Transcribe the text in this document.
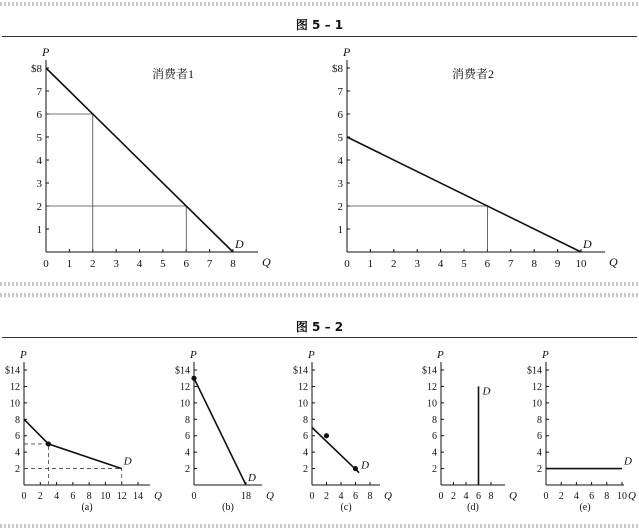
图 5 – 1
图 5 – 2
P
Q
0 1 2 3 4 5 6 7 8
1
2
3
4
5
6
7
$8
D
消费者1
P
Q
0 1 2 3 4 5 6 7 8 9 10
1
2
3
4
5
6
7
$8
D
消费者2
P
Q
0 2 4 6 8 10 12 14
2
4
6
8
10
12
$14
D
(a)
P
Q
0	18
2
4
6
8
10
12
$14
D
(b)
P
Q
0 2 4 6 8
2
4
6
8
10
12
$14
D
(c)
P
Q
0 2 4 6 8
2
4
6
8
10
12
$14
D
(d)
P
Q
0 2 4 6 8 10
2
4
6
8
10
12
$14
D
(e)
